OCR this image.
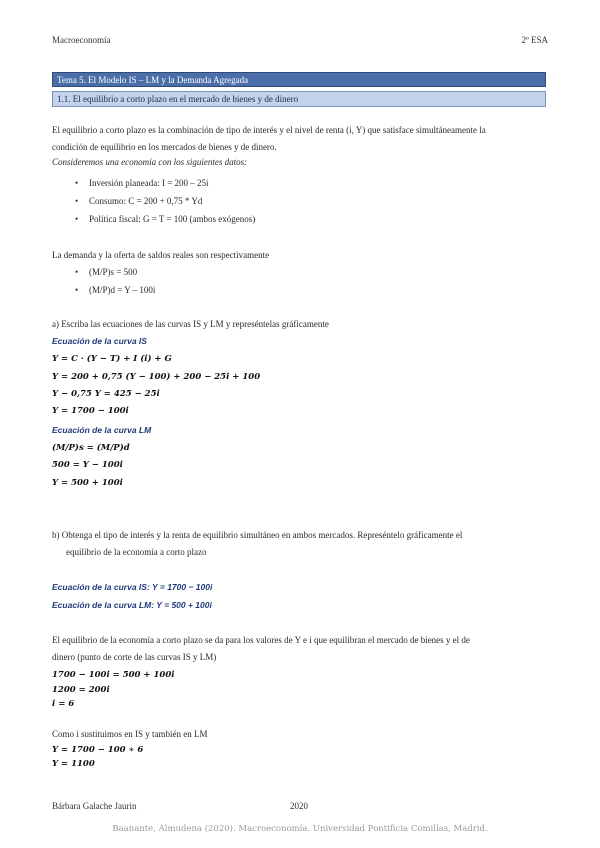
Macroeconomía	2º ESA
Tema 5. El Modelo IS – LM y la Demanda Agregada
1.1. El equilibrio a corto plazo en el mercado de bienes y de dinero
El equilibrio a corto plazo es la combinación de tipo de interés y el nivel de renta (i, Y) que satisface simultáneamente la
condición de equilibrio en los mercados de bienes y de dinero.
Consideremos una economía con los siguientes datos:
• Inversión planeada: I = 200 – 25i
• Consumo: C = 200 + 0,75 * Yd
• Política fiscal: G = T = 100 (ambos exógenos)
La demanda y la oferta de saldos reales son respectivamente
• (M/P)s = 500
• (M/P)d = Y – 100i
a) Escriba las ecuaciones de las curvas IS y LM y represéntelas gráficamente
Ecuación de la curva IS
Y = C · (Y − T) + I (i) + G
Y = 200 + 0,75 (Y − 100) + 200 − 25i + 100
Y − 0,75 Y = 425 − 25i
Y = 1700 − 100i
Ecuación de la curva LM
(M/P)s = (M/P)d
500 = Y − 100i
Y = 500 + 100i
b) Obtenga el tipo de interés y la renta de equilibrio simultáneo en ambos mercados. Represéntelo gráficamente el
equilibrio de la economía a corto plazo
Ecuación de la curva IS: Y = 1700 − 100i
Ecuación de la curva LM: Y = 500 + 100i
El equilibrio de la economía a corto plazo se da para los valores de Y e i que equilibran el mercado de bienes y el de
dinero (punto de corte de las curvas IS y LM)
1700 − 100i = 500 + 100i
1200 = 200i
i = 6
Como i sustituimos en IS y también en LM
Y = 1700 − 100 ∗ 6
Y = 1100
Bárbara Galache Jaurin	2020
Baanante, Almudena (2020). Macroeconomía. Universidad Pontificia Comillas, Madrid.
